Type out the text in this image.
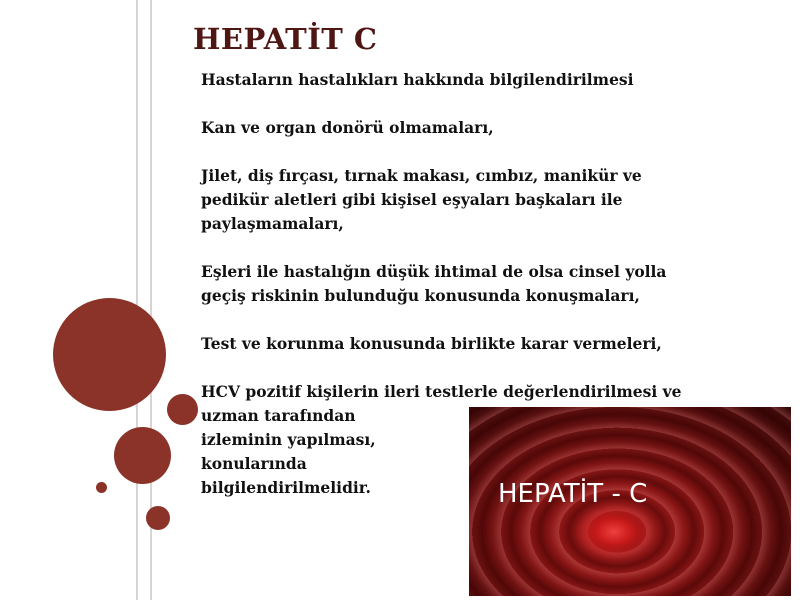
HEPATİT C
Hastaların hastalıkları hakkında bilgilendirilmesi
Kan ve organ donörü olmamaları,
Jilet, diş fırçası, tırnak makası, cımbız, manikür ve
pedikür aletleri gibi kişisel eşyaları başkaları ile
paylaşmamaları,
Eşleri ile hastalığın düşük ihtimal de olsa cinsel yolla
geçiş riskinin bulunduğu konusunda konuşmaları,
Test ve korunma konusunda birlikte karar vermeleri,
HCV pozitif kişilerin ileri testlerle değerlendirilmesi ve
uzman tarafından
izleminin yapılması,
konularında
bilgilendirilmelidir.	HEPATİT - C
